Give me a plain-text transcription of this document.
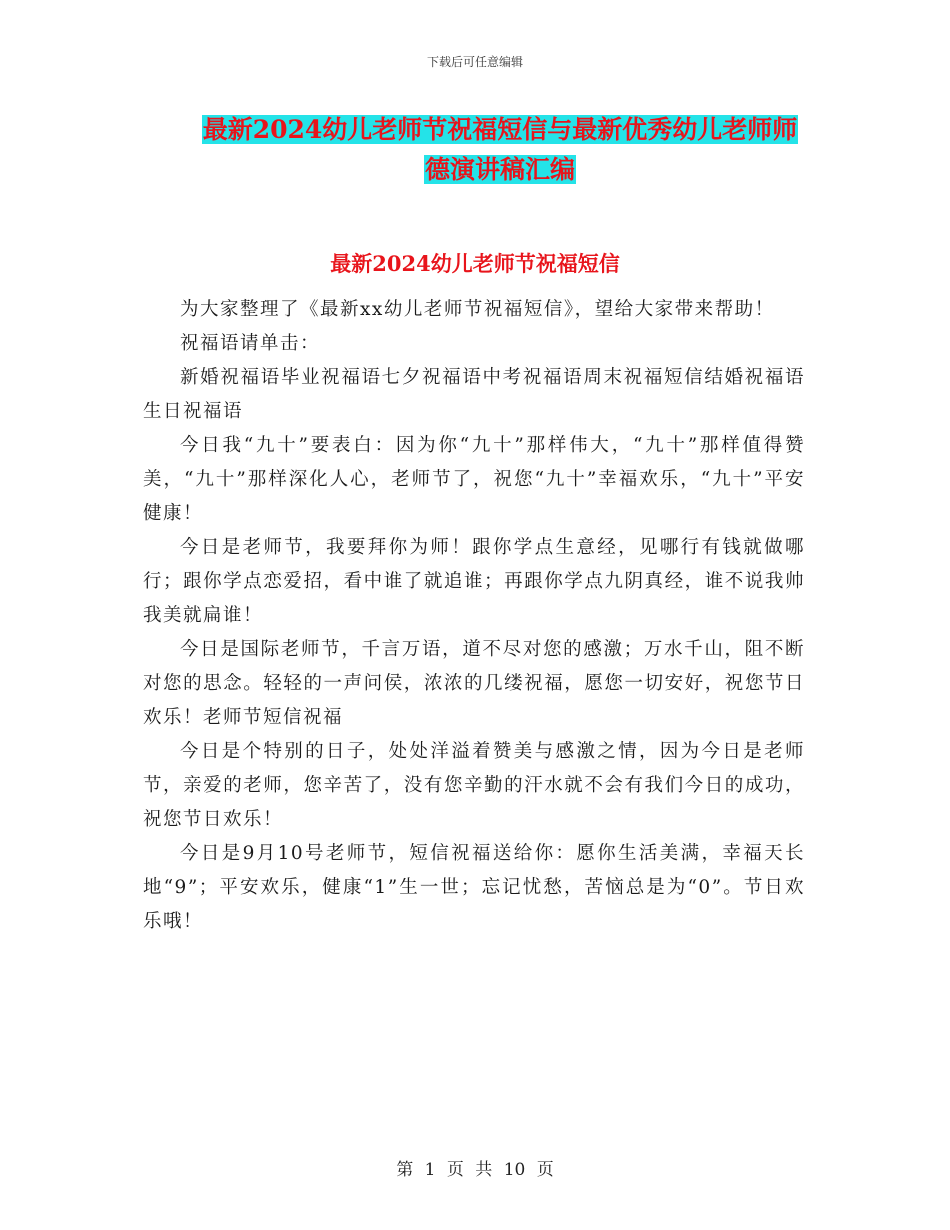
下载后可任意编辑
最新2024幼儿老师节祝福短信与最新优秀幼儿老师师
德演讲稿汇编
最新2024幼儿老师节祝福短信

为大家整理了《最新xx幼儿老师节祝福短信》，望给大家带来帮助！

祝福语请单击：

新婚祝福语毕业祝福语七夕祝福语中考祝福语周末祝福短信结婚祝福语生日祝福语

今日我“九十”要表白：因为你“九十”那样伟大，“九十”那样值得赞美，“九十”那样深化人心，老师节了，祝您“九十”幸福欢乐，“九十”平安健康！

今日是老师节，我要拜你为师！跟你学点生意经，见哪行有钱就做哪行；跟你学点恋爱招，看中谁了就追谁；再跟你学点九阴真经，谁不说我帅我美就扁谁！

今日是国际老师节，千言万语，道不尽对您的感激；万水千山，阻不断对您的思念。轻轻的一声问侯，浓浓的几缕祝福，愿您一切安好，祝您节日欢乐！老师节短信祝福

今日是个特别的日子，处处洋溢着赞美与感激之情，因为今日是老师节，亲爱的老师，您辛苦了，没有您辛勤的汗水就不会有我们今日的成功，祝您节日欢乐！

今日是9月10号老师节，短信祝福送给你：愿你生活美满，幸福天长地“9”；平安欢乐，健康“1”生一世；忘记忧愁，苦恼总是为“0”。节日欢乐哦！

第 1 页 共 10 页
